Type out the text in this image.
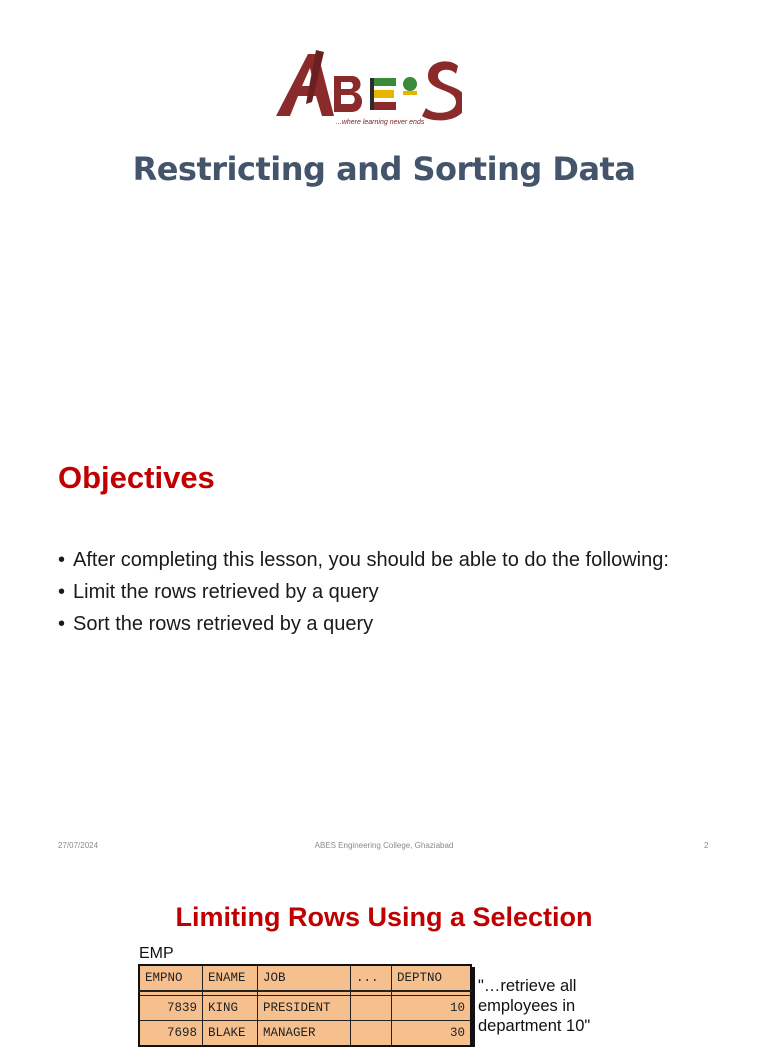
...where learning never ends
Restricting and Sorting Data
Objectives
• After completing this lesson, you should be able to do the following:
• Limit the rows retrieved by a query
• Sort the rows retrieved by a query
27/07/2024	ABES Engineering College, Ghaziabad	2
Limiting Rows Using a Selection
EMP
EMPNO	ENAME	JOB	...	DEPTNO

7839	KING	PRESIDENT		10
7698	BLAKE	MANAGER		30
"…retrieve all employees in department 10"
